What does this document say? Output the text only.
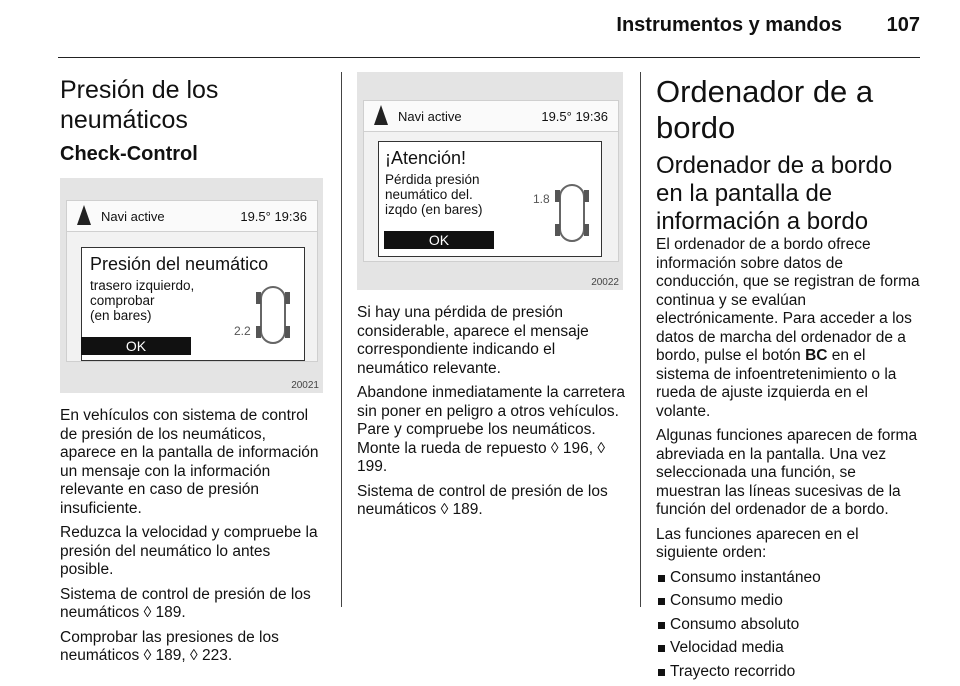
Instrumentos y mandos 107
Presión de los neumáticos
Check-Control
Navi active	19.5° 19:36
Presión del neumático
trasero izquierdo,
comprobar
(en bares)
2.2
OK
20021

En vehículos con sistema de control de presión de los neumáticos, aparece en la pantalla de información un mensaje con la información relevante en caso de presión insuficiente.

Reduzca la velocidad y compruebe la presión del neumático lo antes posible.

Sistema de control de presión de los neumáticos ◊ 189.

Comprobar las presiones de los neumáticos ◊ 189, ◊ 223.

Navi active	19.5° 19:36
¡Atención!
Pérdida presión
neumático del.
izqdo (en bares)
1.8
OK
20022

Si hay una pérdida de presión considerable, aparece el mensaje correspondiente indicando el neumático relevante.

Abandone inmediatamente la carretera sin poner en peligro a otros vehículos. Pare y compruebe los neumáticos. Monte la rueda de repuesto ◊ 196, ◊ 199.

Sistema de control de presión de los neumáticos ◊ 189.

Ordenador de a bordo
Ordenador de a bordo en la pantalla de información a bordo

El ordenador de a bordo ofrece información sobre datos de conducción, que se registran de forma continua y se evalúan electrónicamente. Para acceder a los datos de marcha del ordenador de a bordo, pulse el botón BC en el sistema de infoentretenimiento o la rueda de ajuste izquierda en el volante.

Algunas funciones aparecen de forma abreviada en la pantalla. Una vez seleccionada una función, se muestran las líneas sucesivas de la función del ordenador de a bordo.

Las funciones aparecen en el siguiente orden:

Consumo instantáneo
Consumo medio
Consumo absoluto
Velocidad media
Trayecto recorrido
